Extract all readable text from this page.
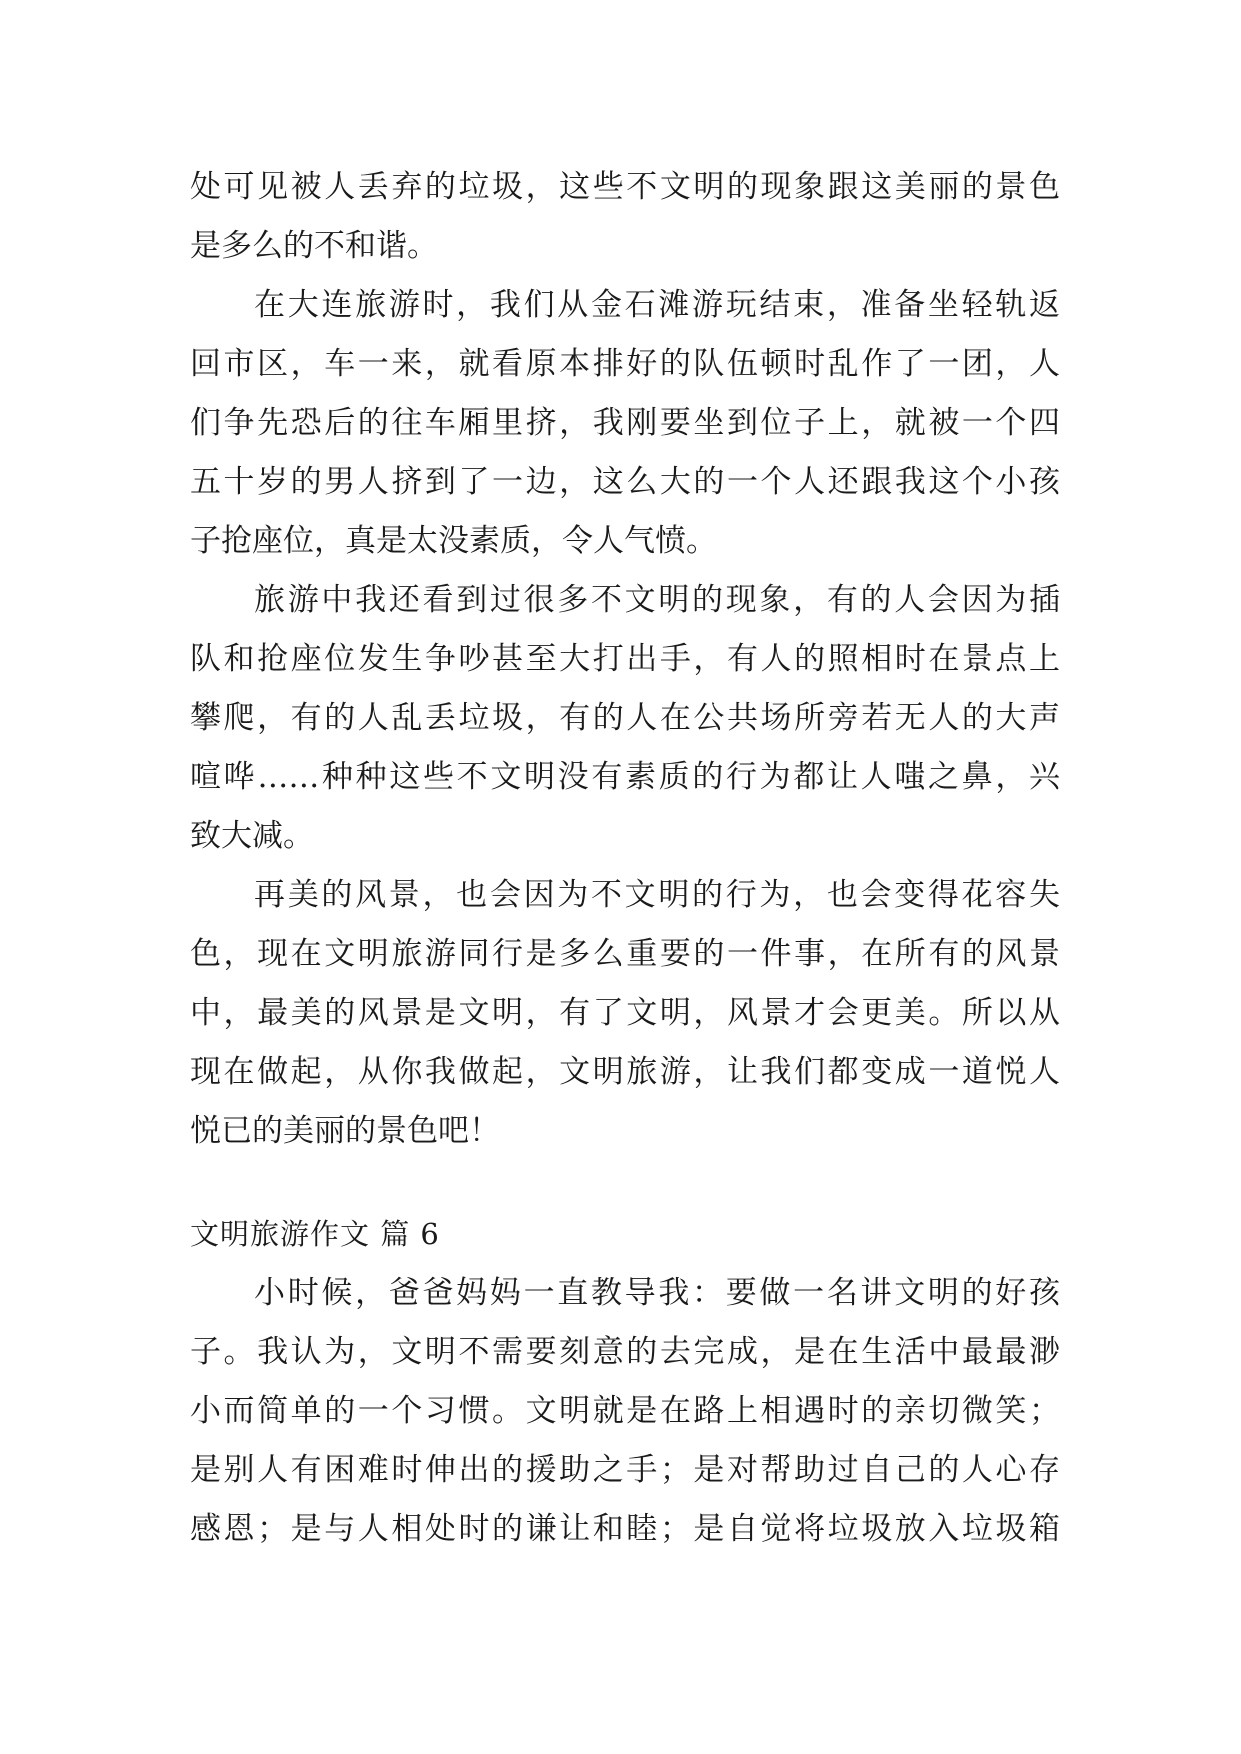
处可见被人丢弃的垃圾，这些不文明的现象跟这美丽的景色
是多么的不和谐。
在大连旅游时，我们从金石滩游玩结束，准备坐轻轨返
回市区，车一来，就看原本排好的队伍顿时乱作了一团，人
们争先恐后的往车厢里挤，我刚要坐到位子上，就被一个四
五十岁的男人挤到了一边，这么大的一个人还跟我这个小孩
子抢座位，真是太没素质，令人气愤。
旅游中我还看到过很多不文明的现象，有的人会因为插
队和抢座位发生争吵甚至大打出手，有人的照相时在景点上
攀爬，有的人乱丢垃圾，有的人在公共场所旁若无人的大声
喧哗……种种这些不文明没有素质的行为都让人嗤之鼻，兴
致大减。
再美的风景，也会因为不文明的行为，也会变得花容失
色，现在文明旅游同行是多么重要的一件事，在所有的风景
中，最美的风景是文明，有了文明，风景才会更美。所以从
现在做起，从你我做起，文明旅游，让我们都变成一道悦人
悦已的美丽的景色吧！
文明旅游作文 篇 6
小时候，爸爸妈妈一直教导我：要做一名讲文明的好孩
子。我认为，文明不需要刻意的去完成，是在生活中最最渺
小而简单的一个习惯。文明就是在路上相遇时的亲切微笑；
是别人有困难时伸出的援助之手；是对帮助过自己的人心存
感恩；是与人相处时的谦让和睦；是自觉将垃圾放入垃圾箱
